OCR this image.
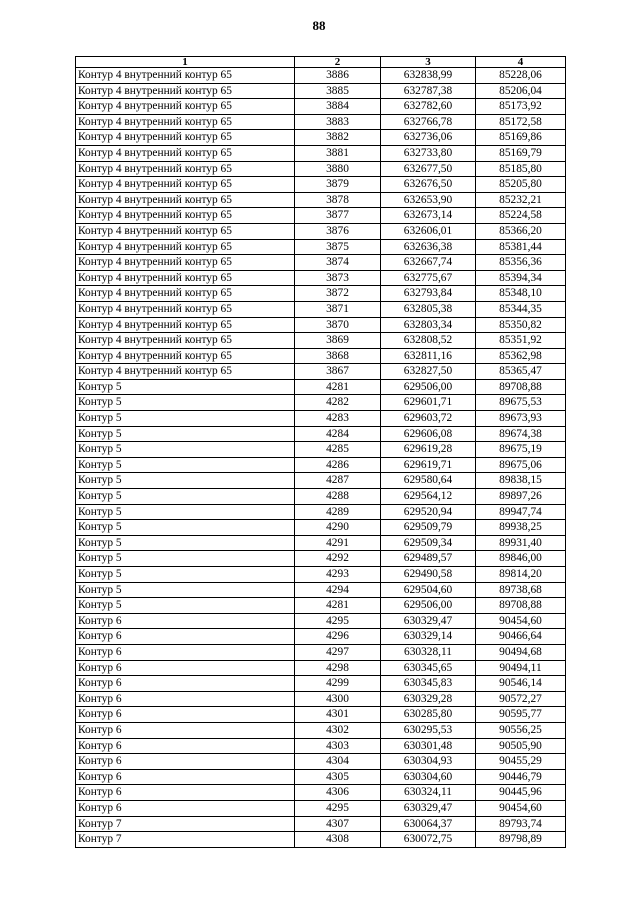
88
1	2	3	4
Контур 4 внутренний контур 65	3886	632838,99	85228,06
Контур 4 внутренний контур 65	3885	632787,38	85206,04
Контур 4 внутренний контур 65	3884	632782,60	85173,92
Контур 4 внутренний контур 65	3883	632766,78	85172,58
Контур 4 внутренний контур 65	3882	632736,06	85169,86
Контур 4 внутренний контур 65	3881	632733,80	85169,79
Контур 4 внутренний контур 65	3880	632677,50	85185,80
Контур 4 внутренний контур 65	3879	632676,50	85205,80
Контур 4 внутренний контур 65	3878	632653,90	85232,21
Контур 4 внутренний контур 65	3877	632673,14	85224,58
Контур 4 внутренний контур 65	3876	632606,01	85366,20
Контур 4 внутренний контур 65	3875	632636,38	85381,44
Контур 4 внутренний контур 65	3874	632667,74	85356,36
Контур 4 внутренний контур 65	3873	632775,67	85394,34
Контур 4 внутренний контур 65	3872	632793,84	85348,10
Контур 4 внутренний контур 65	3871	632805,38	85344,35
Контур 4 внутренний контур 65	3870	632803,34	85350,82
Контур 4 внутренний контур 65	3869	632808,52	85351,92
Контур 4 внутренний контур 65	3868	632811,16	85362,98
Контур 4 внутренний контур 65	3867	632827,50	85365,47
Контур 5	4281	629506,00	89708,88
Контур 5	4282	629601,71	89675,53
Контур 5	4283	629603,72	89673,93
Контур 5	4284	629606,08	89674,38
Контур 5	4285	629619,28	89675,19
Контур 5	4286	629619,71	89675,06
Контур 5	4287	629580,64	89838,15
Контур 5	4288	629564,12	89897,26
Контур 5	4289	629520,94	89947,74
Контур 5	4290	629509,79	89938,25
Контур 5	4291	629509,34	89931,40
Контур 5	4292	629489,57	89846,00
Контур 5	4293	629490,58	89814,20
Контур 5	4294	629504,60	89738,68
Контур 5	4281	629506,00	89708,88
Контур 6	4295	630329,47	90454,60
Контур 6	4296	630329,14	90466,64
Контур 6	4297	630328,11	90494,68
Контур 6	4298	630345,65	90494,11
Контур 6	4299	630345,83	90546,14
Контур 6	4300	630329,28	90572,27
Контур 6	4301	630285,80	90595,77
Контур 6	4302	630295,53	90556,25
Контур 6	4303	630301,48	90505,90
Контур 6	4304	630304,93	90455,29
Контур 6	4305	630304,60	90446,79
Контур 6	4306	630324,11	90445,96
Контур 6	4295	630329,47	90454,60
Контур 7	4307	630064,37	89793,74
Контур 7	4308	630072,75	89798,89
